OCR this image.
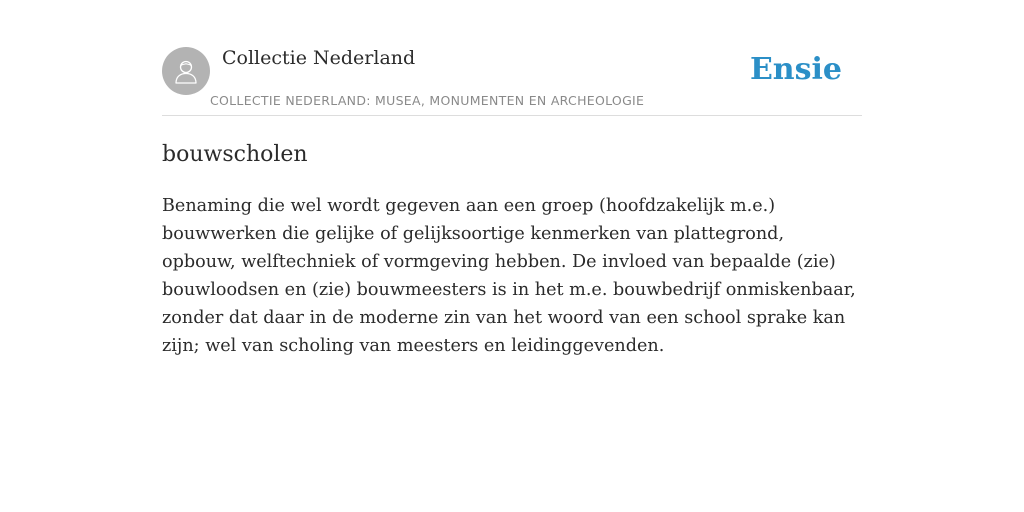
Collectie Nederland
COLLECTIE NEDERLAND: MUSEA, MONUMENTEN EN ARCHEOLOGIE
Ensie
bouwscholen

Benaming die wel wordt gegeven aan een groep (hoofdzakelijk m.e.) bouwwerken die gelijke of gelijksoortige kenmerken van plattegrond, opbouw, welftechniek of vormgeving hebben. De invloed van bepaalde (zie) bouwloodsen en (zie) bouwmeesters is in het m.e. bouwbedrijf onmiskenbaar, zonder dat daar in de moderne zin van het woord van een school sprake kan zijn; wel van scholing van meesters en leidinggevenden.
